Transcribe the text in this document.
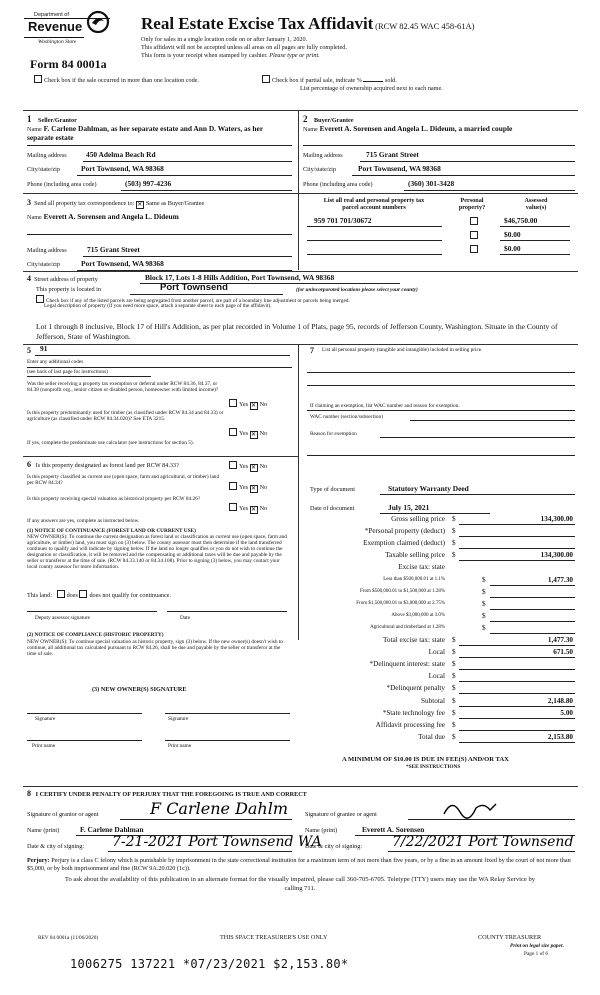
Department of
Revenue
Washington State
Real Estate Excise Tax Affidavit (RCW 82.45 WAC 458-61A)
Only for sales in a single location code on or after January 1, 2020.
This affidavit will not be accepted unless all areas on all pages are fully completed.
This form is your receipt when stamped by cashier. Please type or print.
Form 84 0001a
Check box if the sale occurred in more than one location code.	Check box if partial sale, indicate %	sold.
List percentage of ownership acquired next to each name.
1 Seller/Grantor
Name F. Carlene Dahlman, as her separate estate and Ann D. Waters, as her separate estate
Mailing address	450 Adelma Beach Rd
City/state/zip	Port Townsend, WA 98368
Phone (including area code)	(503) 997-4236
2 Buyer/Grantee
Name Everett A. Sorensen and Angela L. Dideum, a married couple
Mailing address	715 Grant Street
City/state/zip	Port Townsend, WA 98368
Phone (including area code)	(360) 301-3428
3 Send all property tax correspondence to: ✕ Same as Buyer/Grantee
Name Everett A. Sorensen and Angela L. Dideum
Mailing address	715 Grant Street
City/state/zip	Port Townsend, WA 98368
List all real and personal property tax parcel account numbers
Personal property?
Assessed value(s)
959 701 701/30672	$46,750.00
$0.00
$0.00
4 Street address of property	Block 17, Lots 1-8 Hills Addition, Port Townsend, WA 98368
This property is located in	Port Townsend	(for unincorporated locations please select your county)
Check box if any of the listed parcels are being segregated from another parcel, are part of a boundary line adjustment or parcels being merged.
Legal description of property (if you need more space, attach a separate sheet to each page of the affidavit).
Lot 1 through 8 inclusive, Block 17 of Hill's Addition, as per plat recorded in Volume 1 of Plats, page 95, records of Jefferson County, Washington. Situate in the County of Jefferson, State of Washington.
5 91
Enter any additional codes
(see back of last page for instructions)
Was the seller receiving a property tax exemption or deferral under RCW 84.36, 84.37, or 84.38 (nonprofit org., senior citizen or disabled person, homeowner with limited income)?
Yes ✕ No
Is this property predominantly used for timber (as classified under RCW 84.34 and 84.33) or agriculture (as classified under RCW 84.34.020)? See ETA 3215.
Yes ✕ No
If yes, complete the predominate use calculator (see instructions for section 5).
6 Is this property designated as forest land per RCW 84.33?	Yes ✕ No
Is this property classified as current use (open space, farm and agricultural, or timber) land per RCW 84.34?
Yes ✕ No
Is this property receiving special valuation as historical property per RCW 84.26?
Yes ✕ No
If any answers are yes, complete as instructed below.
(1) NOTICE OF CONTINUANCE (FOREST LAND OR CURRENT USE)
NEW OWNER(S): To continue the current designation as forest land or classification as current use (open space, farm and agriculture, or timber) land, you must sign on (3) below. The county assessor must then determine if the land transferred continues to qualify and will indicate by signing below. If the land no longer qualifies or you do not wish to continue the designation or classification, it will be removed and the compensating or additional taxes will be due and payable by the seller or transferor at the time of sale. (RCW 84.33.140 or 84.34.108). Prior to signing (3) below, you may contact your local county assessor for more information.
This land: does does not qualify for continuance.
Deputy assessor signature	Date
(2) NOTICE OF COMPLIANCE (HISTORIC PROPERTY)
NEW OWNER(S): To continue special valuation as historic property, sign (3) below. If the new owner(s) doesn't wish to continue, all additional tax calculated pursuant to RCW 84.26, shall be due and payable by the seller or transferor at the time of sale.
(3) NEW OWNER(S) SIGNATURE
Signature	Signature
Print name	Print name
7 List all personal property (tangible and intangible) included in selling price.
If claiming an exemption, list WAC number and reason for exemption.
WAC number (section/subsection)
Reason for exemption
Type of document	Statutory Warranty Deed
Date of document	July 15, 2021
Gross selling price $	134,300.00
*Personal property (deduct) $
Exemption claimed (deduct) $
Taxable selling price $	134,300.00
Excise tax: state
Less than $500,000.01 at 1.1%	$	1,477.30
From $500,000.01 to $1,500,000 at 1.28%	$
From $1,500,000.01 to $3,000,000 at 2.75%	$
Above $3,000,000 at 3.0%	$
Agricultural and timberland at 1.28%	$
Total excise tax: state $	1,477.30
Local $	671.50
*Delinquent interest: state $
Local $
*Delinquent penalty $
Subtotal $	2,148.80
*State technology fee $	5.00
Affidavit processing fee $
Total due $	2,153.80
A MINIMUM OF $10.00 IS DUE IN FEE(S) AND/OR TAX
*SEE INSTRUCTIONS
8 I CERTIFY UNDER PENALTY OF PERJURY THAT THE FOREGOING IS TRUE AND CORRECT
Signature of grantor or agent	F Carlene Dahlm	Signature of grantee or agent
Name (print)	F. Carlene Dahlman	Name (print)	Everett A. Sorensen
Date & city of signing: 7-21-2021 Port Townsend WA
Date & city of signing: 7/22/2021 Port Townsend
Perjury: Perjury is a class C felony which is punishable by imprisonment in the state correctional institution for a maximum term of not more than five years, or by a fine in an amount fixed by the court of not more than $5,000, or by both imprisonment and fine (RCW 9A.20.020 (1c)).
To ask about the availability of this publication in an alternate format for the visually impaired, please call 360-705-6705. Teletype (TTY) users may use the WA Relay Service by calling 711.
REV 84 0001a (11/06/2020)	THIS SPACE TREASURER'S USE ONLY	COUNTY TREASURER
Print on legal size paper.
Page 1 of 6
1006275 137221 *07/23/2021 $2,153.80*
